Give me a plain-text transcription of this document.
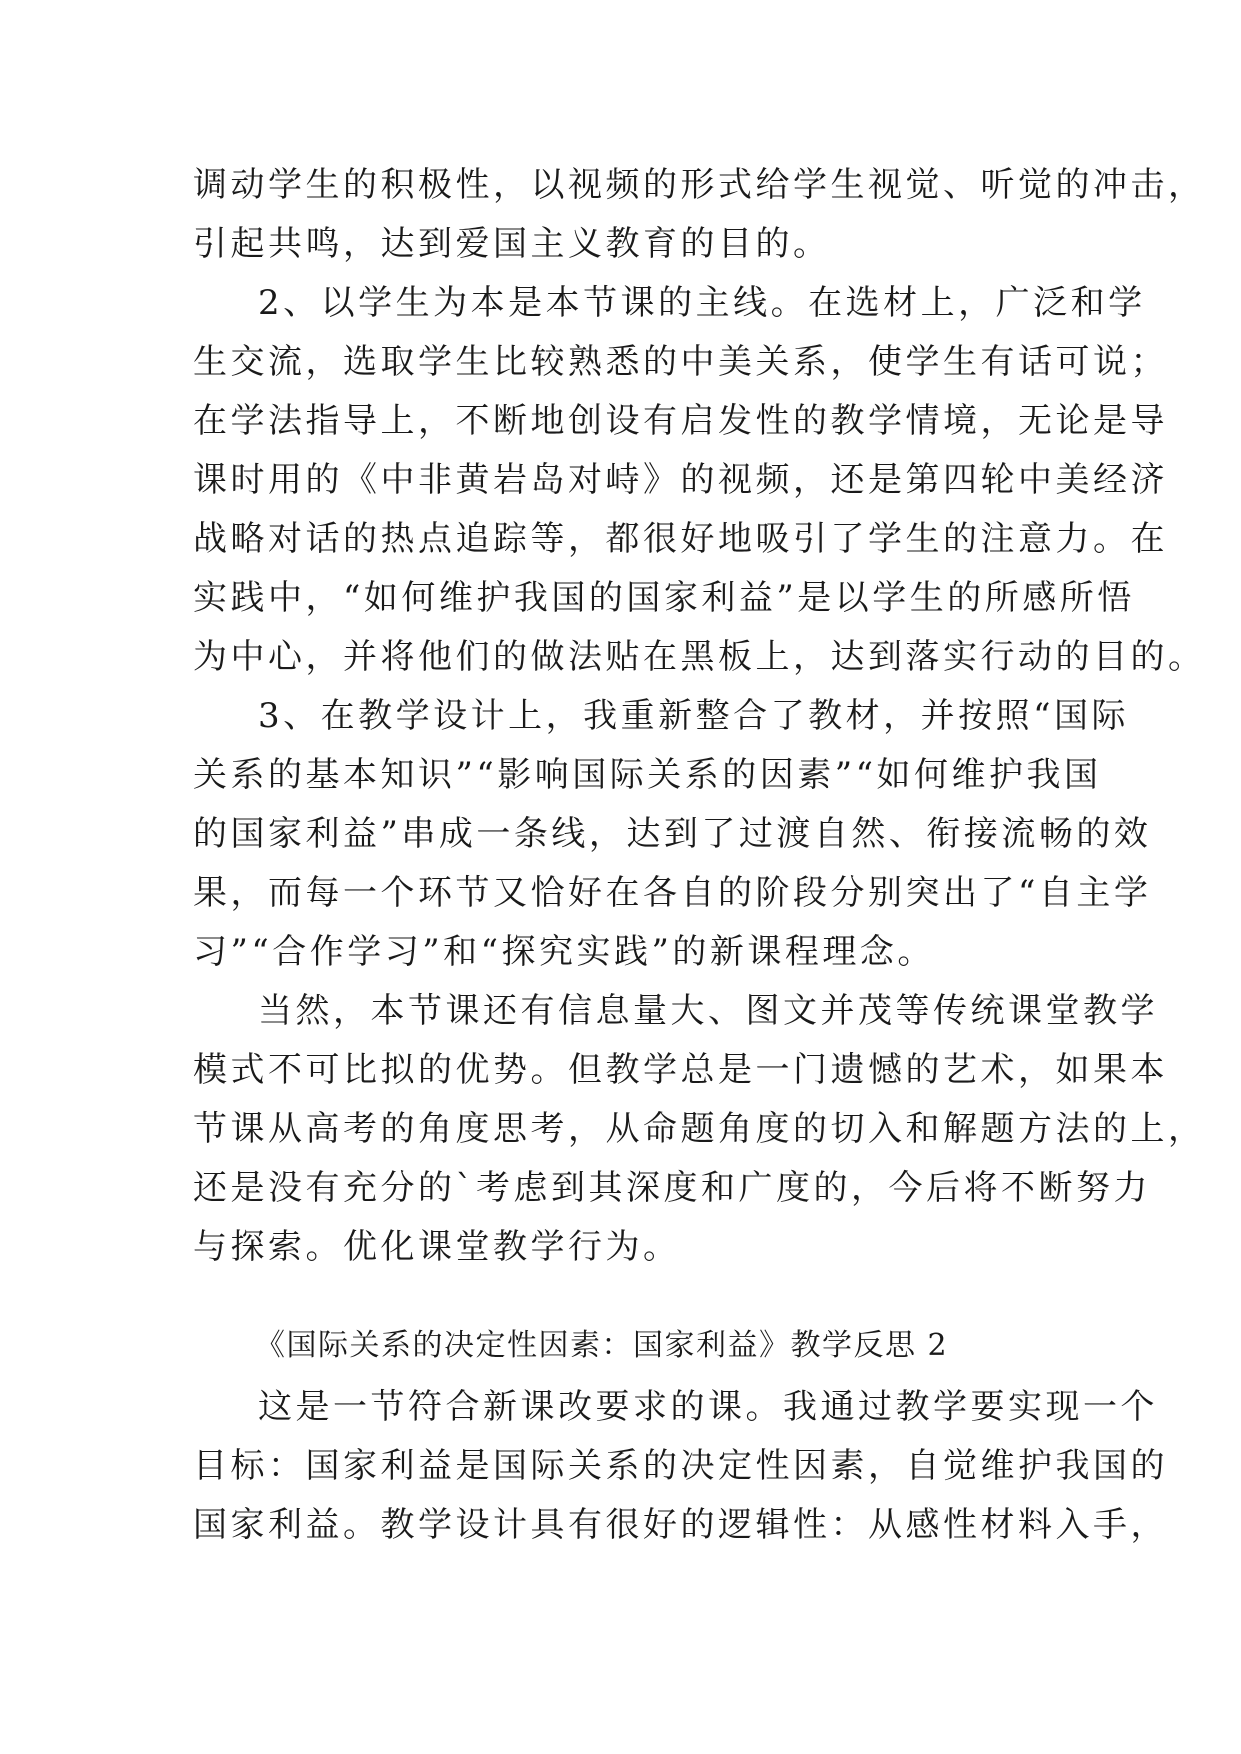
调动学生的积极性，以视频的形式给学生视觉、听觉的冲击，
引起共鸣，达到爱国主义教育的目的。
2、以学生为本是本节课的主线。在选材上，广泛和学
生交流，选取学生比较熟悉的中美关系，使学生有话可说；
在学法指导上，不断地创设有启发性的教学情境，无论是导
课时用的《中非黄岩岛对峙》的视频，还是第四轮中美经济
战略对话的热点追踪等，都很好地吸引了学生的注意力。在
实践中，“如何维护我国的国家利益”是以学生的所感所悟
为中心，并将他们的做法贴在黑板上，达到落实行动的目的。
3、在教学设计上，我重新整合了教材，并按照“国际
关系的基本知识”“影响国际关系的因素”“如何维护我国
的国家利益”串成一条线，达到了过渡自然、衔接流畅的效
果，而每一个环节又恰好在各自的阶段分别突出了“自主学
习”“合作学习”和“探究实践”的新课程理念。
当然，本节课还有信息量大、图文并茂等传统课堂教学
模式不可比拟的优势。但教学总是一门遗憾的艺术，如果本
节课从高考的角度思考，从命题角度的切入和解题方法的上，
还是没有充分的`考虑到其深度和广度的，今后将不断努力
与探索。优化课堂教学行为。
《国际关系的决定性因素：国家利益》教学反思 2
这是一节符合新课改要求的课。我通过教学要实现一个
目标：国家利益是国际关系的决定性因素，自觉维护我国的
国家利益。教学设计具有很好的逻辑性：从感性材料入手，
